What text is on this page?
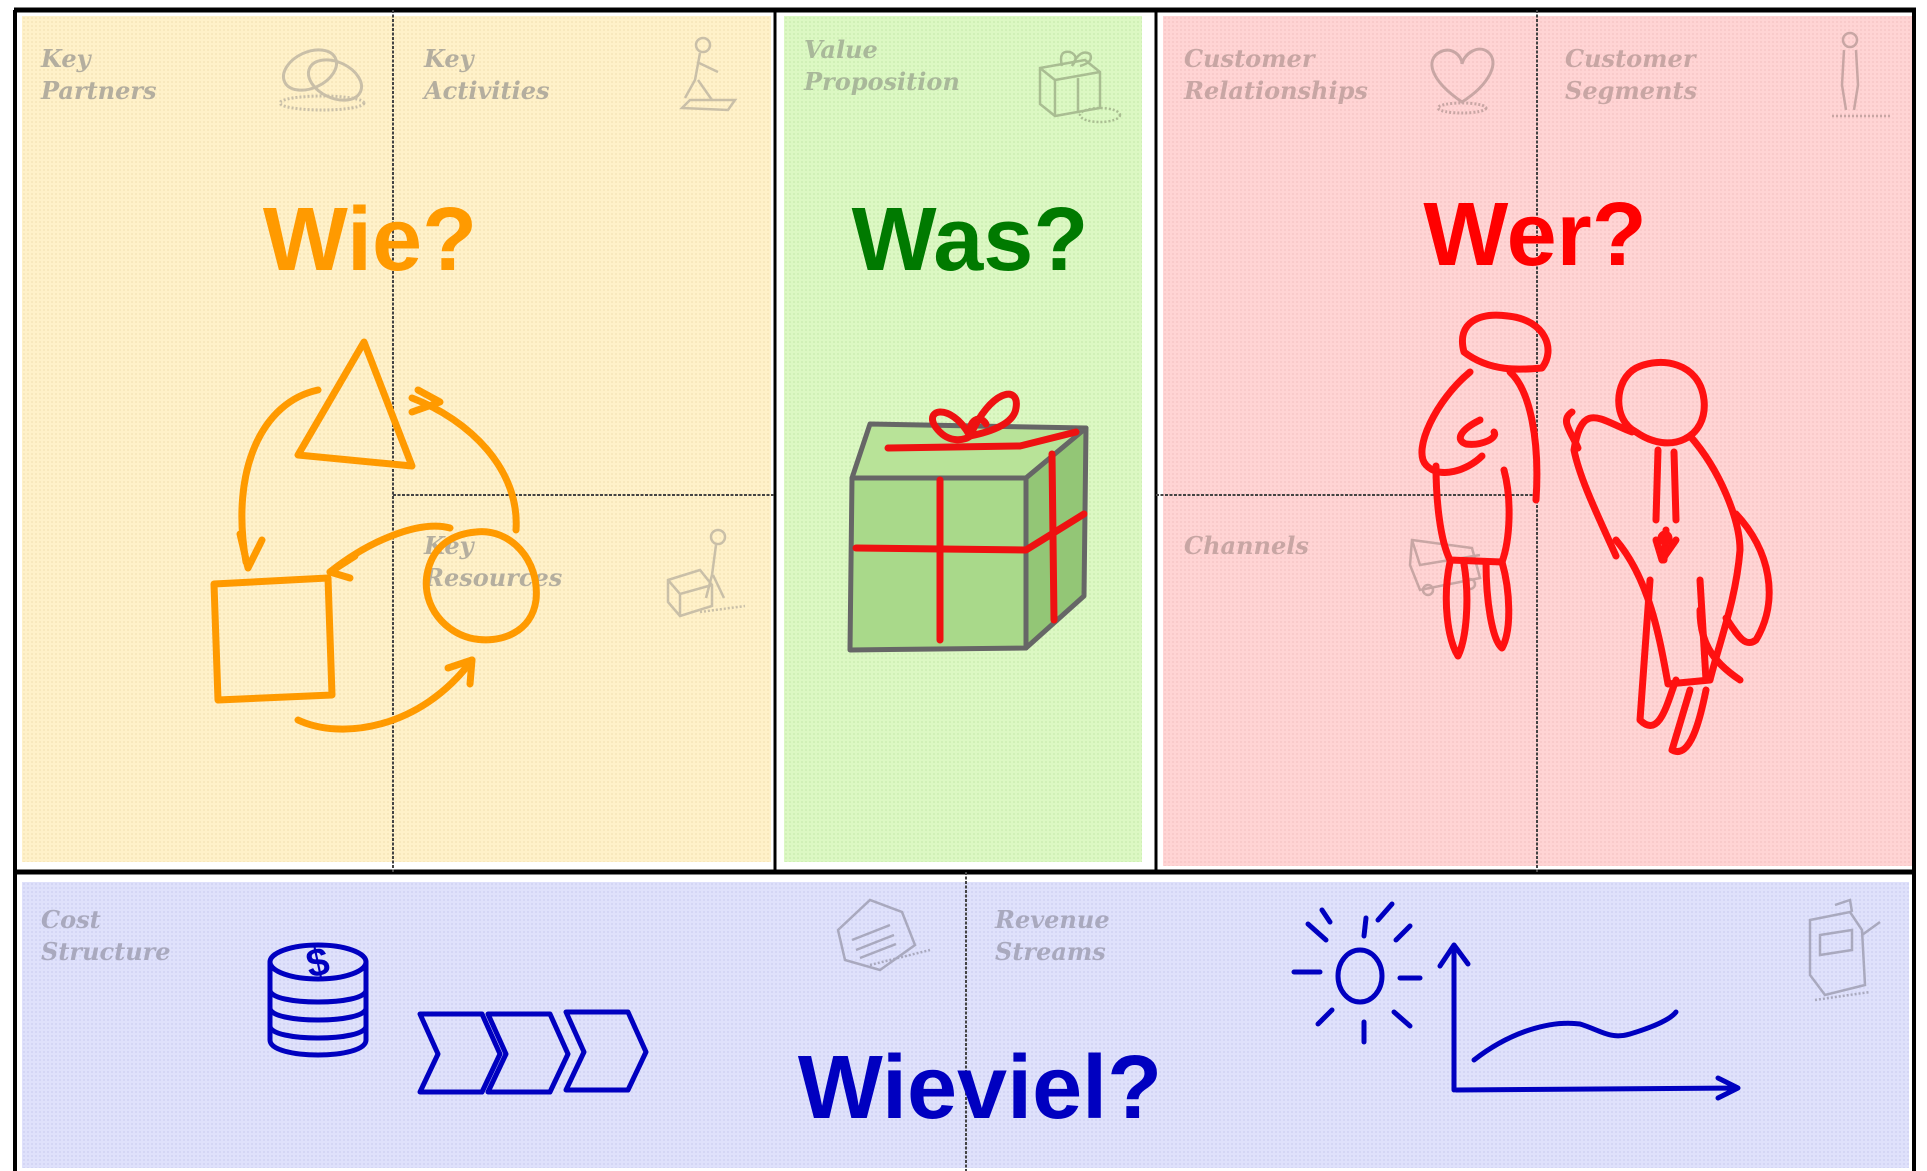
Key
Partners
Key
Activities
Key
Resources
Value
Proposition
Customer
Relationships
Channels
Customer
Segments
Cost
Structure
Revenue
Streams
$
Wie?	Was?	Wer?
Wieviel?
